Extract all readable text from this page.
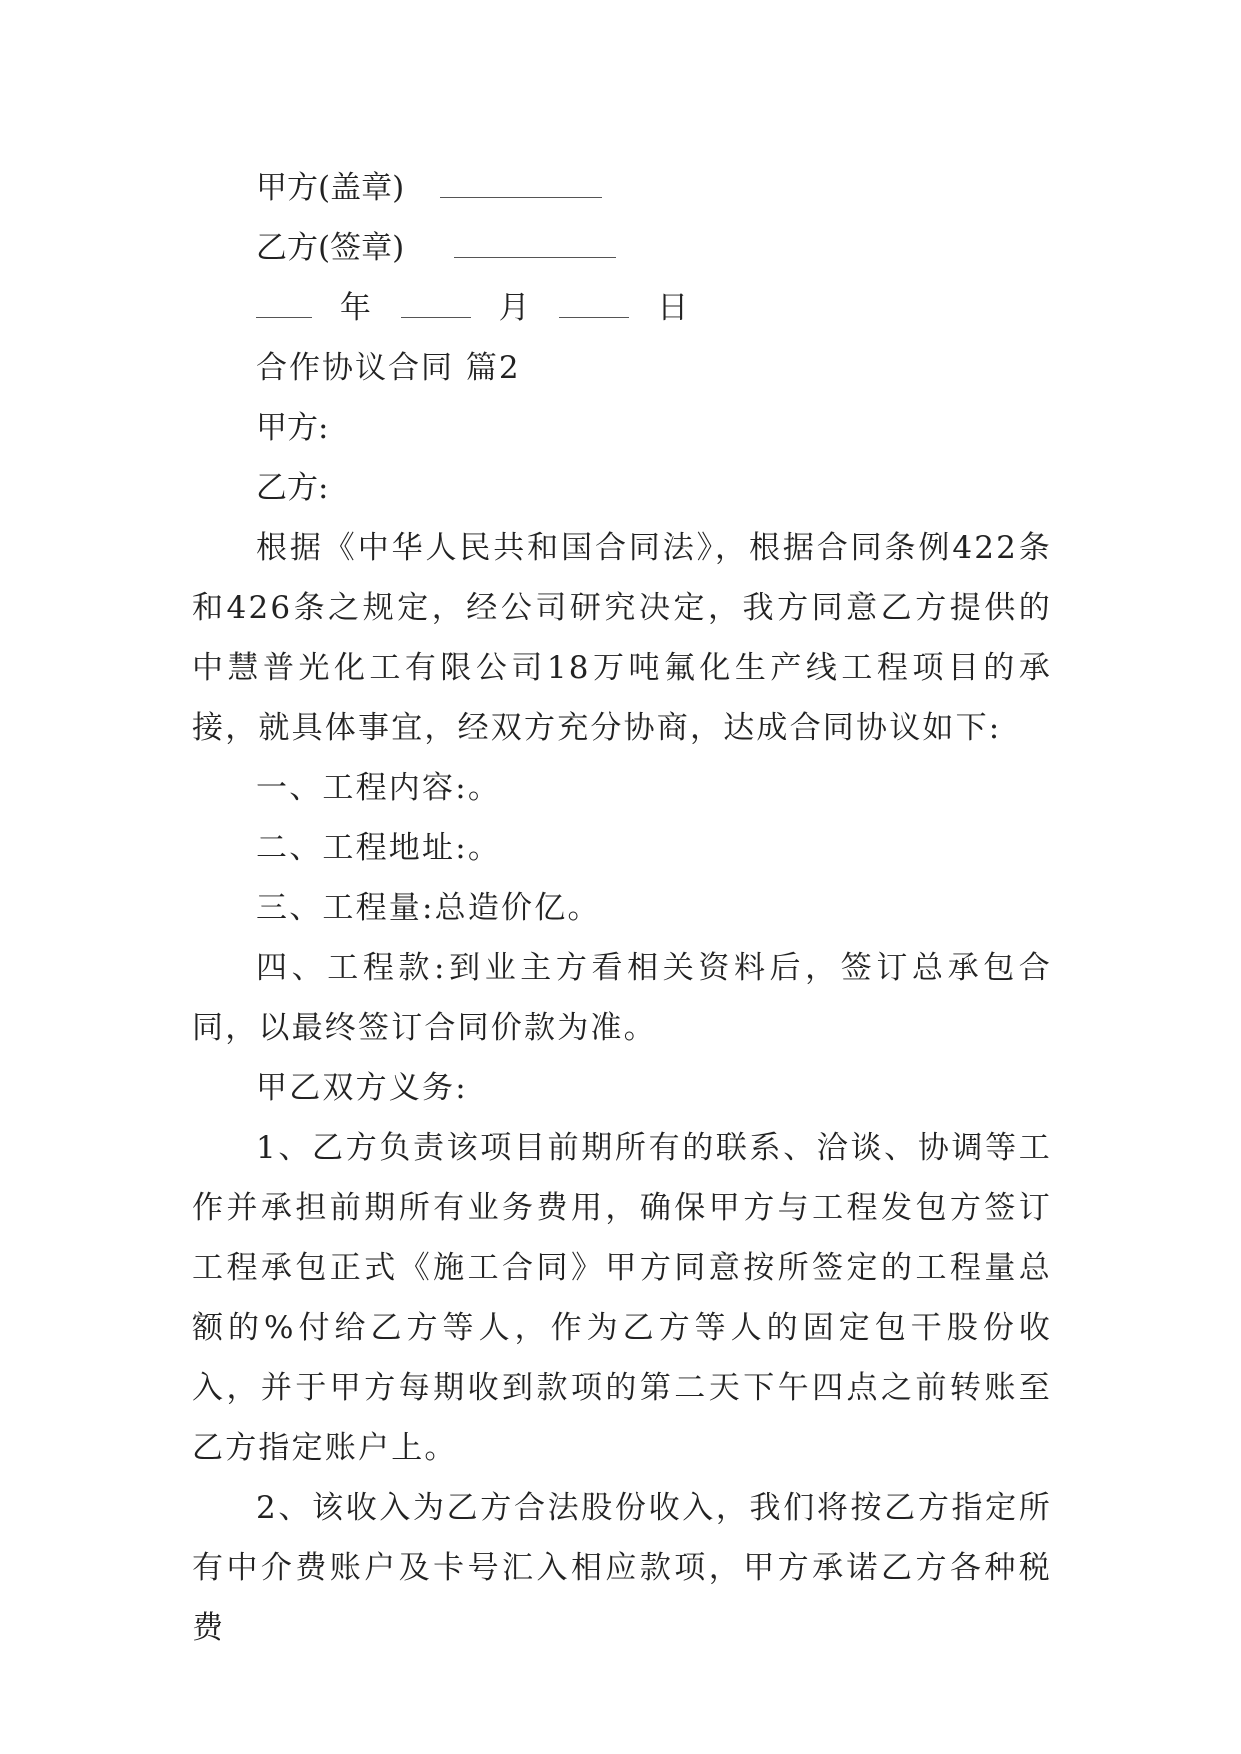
甲方(盖章)
乙方(签章)
年	月	日
合作协议合同 篇2
甲方:
乙方:

根据《中华人民共和国合同法》，根据合同条例422条和426条之规定，经公司研究决定，我方同意乙方提供的中慧普光化工有限公司18万吨氟化生产线工程项目的承接，就具体事宜，经双方充分协商，达成合同协议如下:

一、工程内容:。

二、工程地址:。

三、工程量:总造价亿。

四、工程款:到业主方看相关资料后，签订总承包合同，以最终签订合同价款为准。

甲乙双方义务:

1、乙方负责该项目前期所有的联系、洽谈、协调等工作并承担前期所有业务费用，确保甲方与工程发包方签订工程承包正式《施工合同》甲方同意按所签定的工程量总额的%付给乙方等人，作为乙方等人的固定包干股份收入，并于甲方每期收到款项的第二天下午四点之前转账至乙方指定账户上。

2、该收入为乙方合法股份收入，我们将按乙方指定所有中介费账户及卡号汇入相应款项，甲方承诺乙方各种税费
